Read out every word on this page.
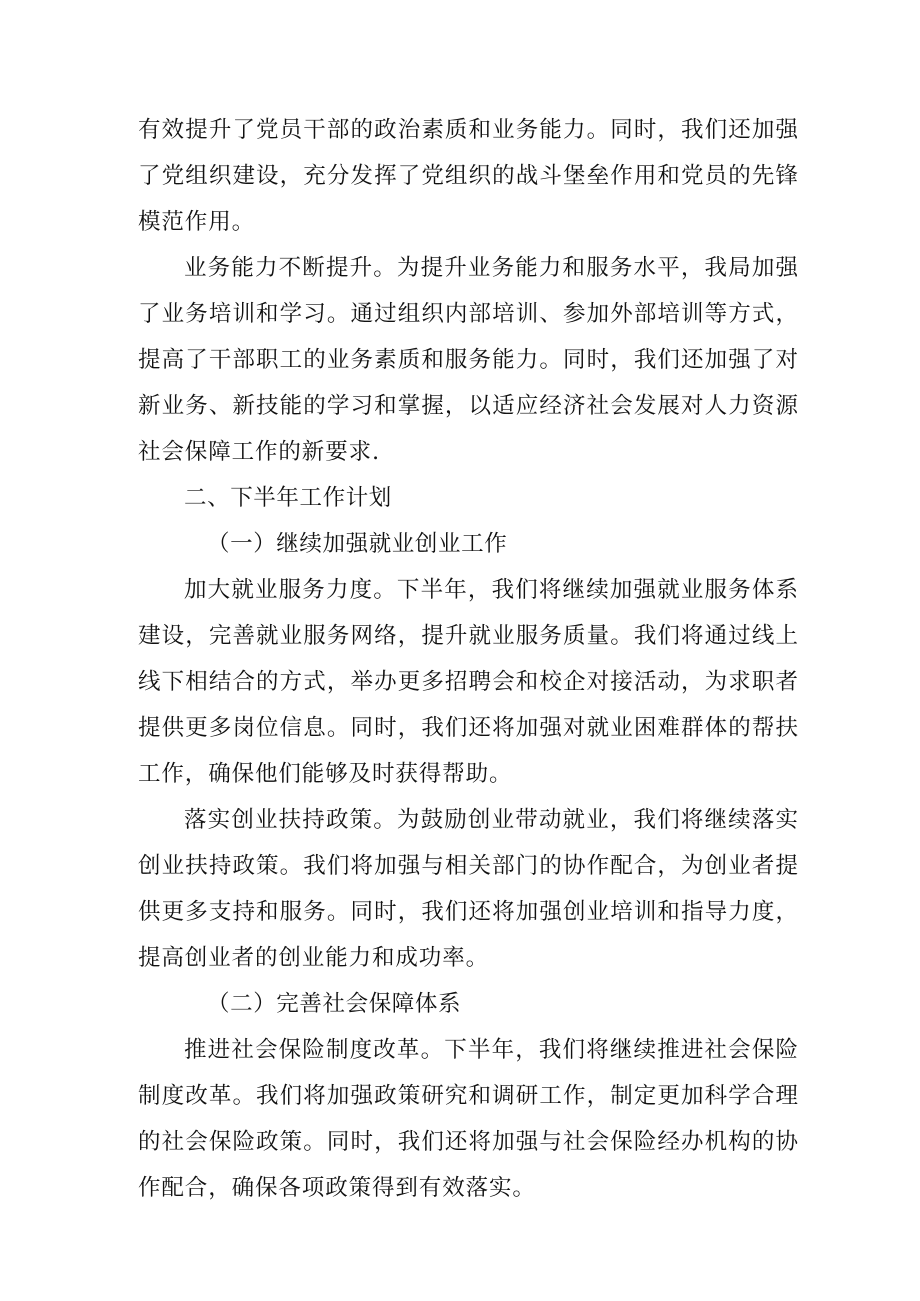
有效提升了党员干部的政治素质和业务能力。同时，我们还加强
了党组织建设，充分发挥了党组织的战斗堡垒作用和党员的先锋
模范作用。
业务能力不断提升。为提升业务能力和服务水平，我局加强
了业务培训和学习。通过组织内部培训、参加外部培训等方式，
提高了干部职工的业务素质和服务能力。同时，我们还加强了对
新业务、新技能的学习和掌握，以适应经济社会发展对人力资源
社会保障工作的新要求.
二、下半年工作计划
（一）继续加强就业创业工作
加大就业服务力度。下半年，我们将继续加强就业服务体系
建设，完善就业服务网络，提升就业服务质量。我们将通过线上
线下相结合的方式，举办更多招聘会和校企对接活动，为求职者
提供更多岗位信息。同时，我们还将加强对就业困难群体的帮扶
工作，确保他们能够及时获得帮助。
落实创业扶持政策。为鼓励创业带动就业，我们将继续落实
创业扶持政策。我们将加强与相关部门的协作配合，为创业者提
供更多支持和服务。同时，我们还将加强创业培训和指导力度，
提高创业者的创业能力和成功率。
（二）完善社会保障体系
推进社会保险制度改革。下半年，我们将继续推进社会保险
制度改革。我们将加强政策研究和调研工作，制定更加科学合理
的社会保险政策。同时，我们还将加强与社会保险经办机构的协
作配合，确保各项政策得到有效落实。
